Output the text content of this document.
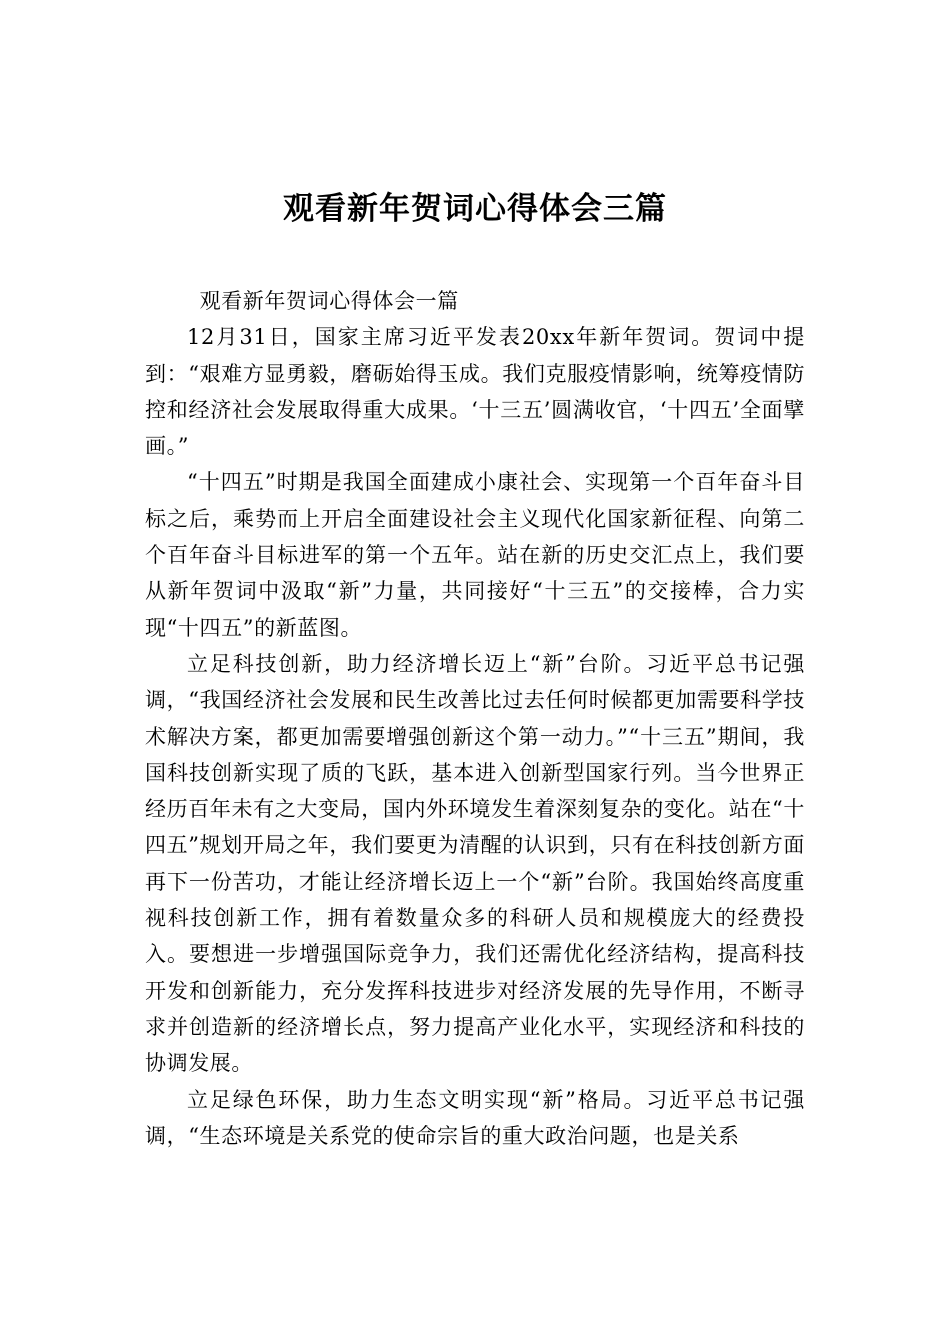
观看新年贺词心得体会三篇

观看新年贺词心得体会一篇

12月31日，国家主席习近平发表20xx年新年贺词。贺词中提到：“艰难方显勇毅，磨砺始得玉成。我们克服疫情影响，统筹疫情防控和经济社会发展取得重大成果。‘十三五’圆满收官，‘十四五’全面擘画。”

“十四五”时期是我国全面建成小康社会、实现第一个百年奋斗目标之后，乘势而上开启全面建设社会主义现代化国家新征程、向第二个百年奋斗目标进军的第一个五年。站在新的历史交汇点上，我们要从新年贺词中汲取“新”力量，共同接好“十三五”的交接棒，合力实现“十四五”的新蓝图。

立足科技创新，助力经济增长迈上“新”台阶。习近平总书记强调，“我国经济社会发展和民生改善比过去任何时候都更加需要科学技术解决方案，都更加需要增强创新这个第一动力。”“十三五”期间，我国科技创新实现了质的飞跃，基本进入创新型国家行列。当今世界正经历百年未有之大变局，国内外环境发生着深刻复杂的变化。站在“十四五”规划开局之年，我们要更为清醒的认识到，只有在科技创新方面再下一份苦功，才能让经济增长迈上一个“新”台阶。我国始终高度重视科技创新工作，拥有着数量众多的科研人员和规模庞大的经费投入。要想进一步增强国际竞争力，我们还需优化经济结构，提高科技开发和创新能力，充分发挥科技进步对经济发展的先导作用，不断寻求并创造新的经济增长点，努力提高产业化水平，实现经济和科技的协调发展。

立足绿色环保，助力生态文明实现“新”格局。习近平总书记强调，“生态环境是关系党的使命宗旨的重大政治问题，也是关系
